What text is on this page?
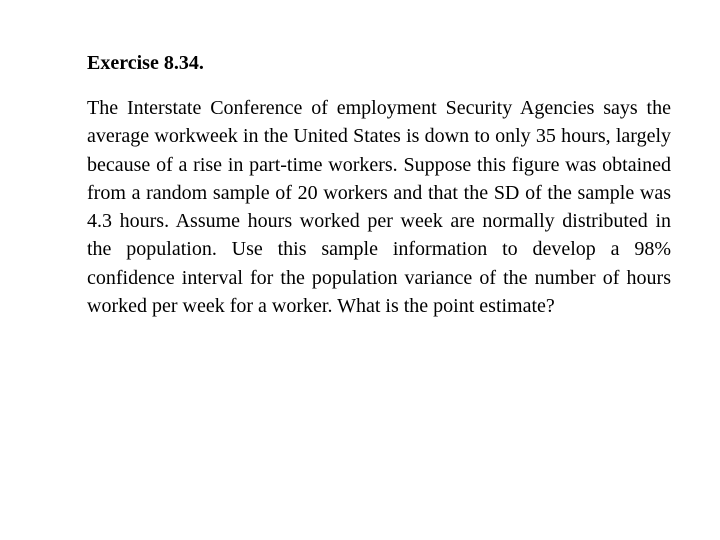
Exercise 8.34.
The Interstate Conference of employment Security Agencies says the average workweek in the United States is down to only 35 hours, largely because of a rise in part-time workers. Suppose this figure was obtained from a random sample of 20 workers and that the SD of the sample was 4.3 hours. Assume hours worked per week are normally distributed in the population. Use this sample information to develop a 98% confidence interval for the population variance of the number of hours worked per week for a worker. What is the point estimate?
